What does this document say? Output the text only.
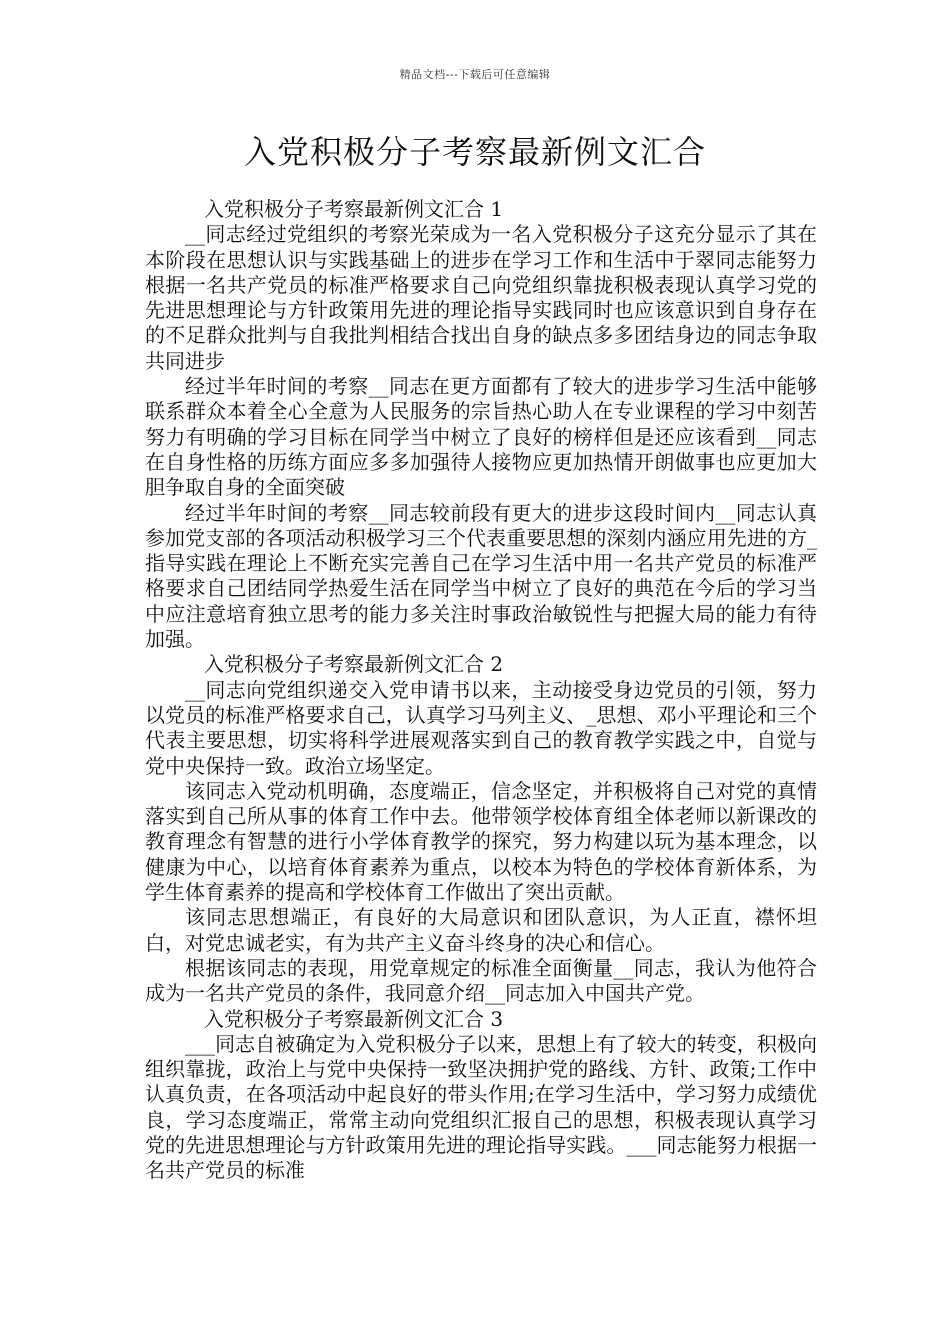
精品文档---下载后可任意编辑
入党积极分子考察最新例文汇合

入党积极分子考察最新例文汇合 1

__同志经过党组织的考察光荣成为一名入党积极分子这充分显示了其在本阶段在思想认识与实践基础上的进步在学习工作和生活中于翠同志能努力根据一名共产党员的标准严格要求自己向党组织靠拢积极表现认真学习党的先进思想理论与方针政策用先进的理论指导实践同时也应该意识到自身存在的不足群众批判与自我批判相结合找出自身的缺点多多团结身边的同志争取共同进步

经过半年时间的考察__同志在更方面都有了较大的进步学习生活中能够联系群众本着全心全意为人民服务的宗旨热心助人在专业课程的学习中刻苦努力有明确的学习目标在同学当中树立了良好的榜样但是还应该看到__同志在自身性格的历练方面应多多加强待人接物应更加热情开朗做事也应更加大胆争取自身的全面突破

经过半年时间的考察__同志较前段有更大的进步这段时间内__同志认真参加党支部的各项活动积极学习三个代表重要思想的深刻内涵应用先进的方_指导实践在理论上不断充实完善自己在学习生活中用一名共产党员的标准严格要求自己团结同学热爱生活在同学当中树立了良好的典范在今后的学习当中应注意培育独立思考的能力多关注时事政治敏锐性与把握大局的能力有待加强。

入党积极分子考察最新例文汇合 2

__同志向党组织递交入党申请书以来，主动接受身边党员的引领，努力以党员的标准严格要求自己，认真学习马列主义、_思想、邓小平理论和三个代表主要思想，切实将科学进展观落实到自己的教育教学实践之中，自觉与党中央保持一致。政治立场坚定。

该同志入党动机明确，态度端正，信念坚定，并积极将自己对党的真情落实到自己所从事的体育工作中去。他带领学校体育组全体老师以新课改的教育理念有智慧的进行小学体育教学的探究，努力构建以玩为基本理念，以健康为中心，以培育体育素养为重点，以校本为特色的学校体育新体系，为学生体育素养的提高和学校体育工作做出了突出贡献。

该同志思想端正，有良好的大局意识和团队意识，为人正直，襟怀坦白，对党忠诚老实，有为共产主义奋斗终身的决心和信心。

根据该同志的表现，用党章规定的标准全面衡量__同志，我认为他符合成为一名共产党员的条件，我同意介绍__同志加入中国共产党。

入党积极分子考察最新例文汇合 3

___同志自被确定为入党积极分子以来，思想上有了较大的转变，积极向组织靠拢，政治上与党中央保持一致坚决拥护党的路线、方针、政策;工作中认真负责，在各项活动中起良好的带头作用;在学习生活中，学习努力成绩优良，学习态度端正，常常主动向党组织汇报自己的思想，积极表现认真学习党的先进思想理论与方针政策用先进的理论指导实践。___同志能努力根据一名共产党员的标准
